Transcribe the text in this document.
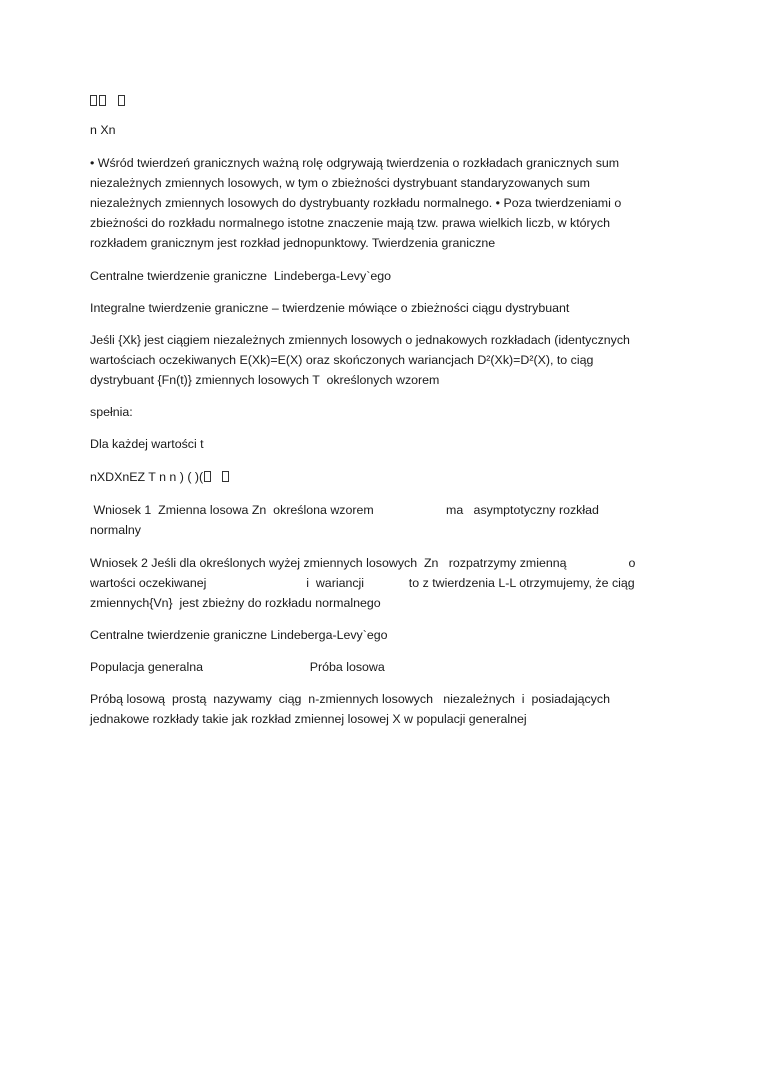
n Xn

• Wśród twierdzeń granicznych ważną rolę odgrywają twierdzenia o rozkładach granicznych sum

niezależnych zmiennych losowych, w tym o zbieżności dystrybuant standaryzowanych sum

niezależnych zmiennych losowych do dystrybuanty rozkładu normalnego. • Poza twierdzeniami o

zbieżności do rozkładu normalnego istotne znaczenie mają tzw. prawa wielkich liczb, w których

rozkładem granicznym jest rozkład jednopunktowy. Twierdzenia graniczne

Centralne twierdzenie graniczne  Lindeberga-Levy`ego

Integralne twierdzenie graniczne – twierdzenie mówiące o zbieżności ciągu dystrybuant

Jeśli {Xk} jest ciągiem niezależnych zmiennych losowych o jednakowych rozkładach (identycznych

wartościach oczekiwanych E(Xk)=E(X) oraz skończonych wariancjach D²(Xk)=D²(X), to ciąg

dystrybuant {Fn(t)} zmiennych losowych T  określonych wzorem

spełnia:

Dla każdej wartości t

nXDXnEZ T n n ) ( )(

Wniosek 1  Zmienna losowa Zn  określona wzorem                     ma   asymptotyczny rozkład

normalny

Wniosek 2 Jeśli dla określonych wyżej zmiennych losowych  Zn   rozpatrzymy zmienną                  o

wartości oczekiwanej                             i  wariancji             to z twierdzenia L-L otrzymujemy, że ciąg

zmiennych{Vn}  jest zbieżny do rozkładu normalnego

Centralne twierdzenie graniczne Lindeberga-Levy`ego

Populacja generalna                               Próba losowa

Próbą losową  prostą  nazywamy  ciąg  n-zmiennych losowych   niezależnych  i  posiadających

jednakowe rozkłady takie jak rozkład zmiennej losowej X w populacji generalnej
